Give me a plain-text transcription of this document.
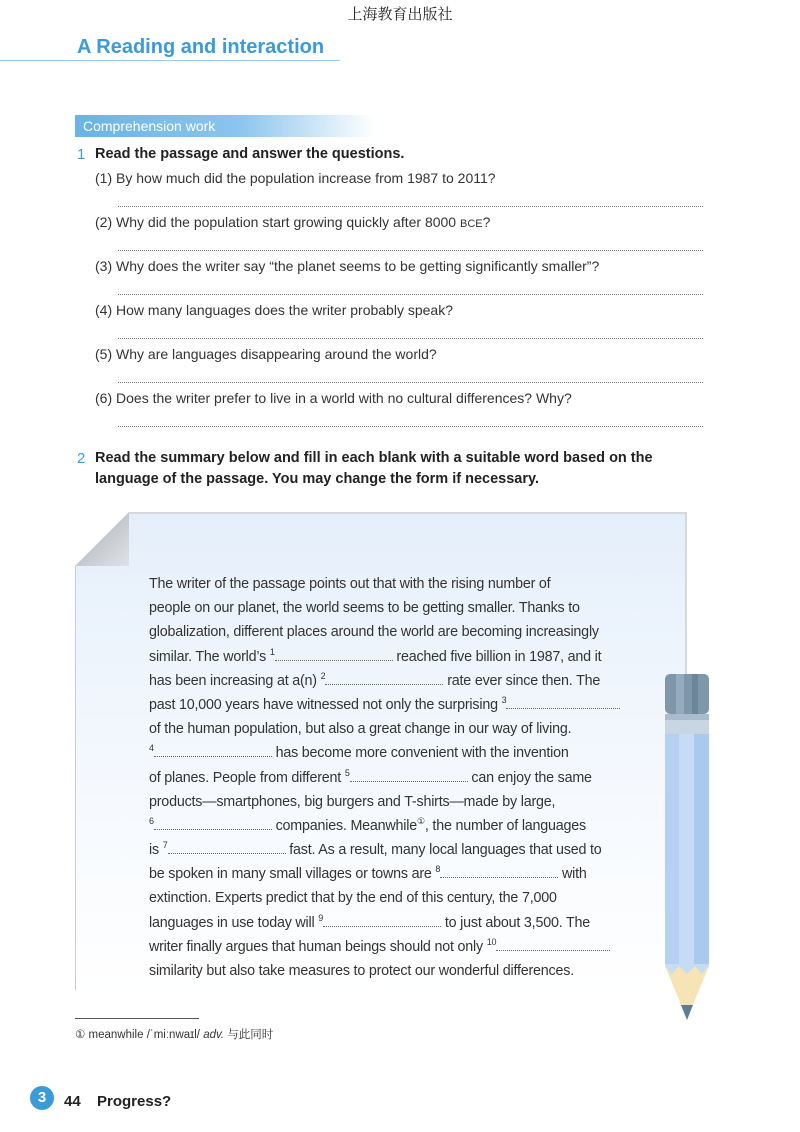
上海教育出版社
A Reading and interaction
Comprehension work
1 Read the passage and answer the questions.
(1) By how much did the population increase from 1987 to 2011?
(2) Why did the population start growing quickly after 8000 BCE?
(3) Why does the writer say “the planet seems to be getting significantly smaller”?
(4) How many languages does the writer probably speak?
(5) Why are languages disappearing around the world?
(6) Does the writer prefer to live in a world with no cultural differences? Why?
2 Read the summary below and fill in each blank with a suitable word based on the
language of the passage. You may change the form if necessary.
The writer of the passage points out that with the rising number of
people on our planet, the world seems to be getting smaller. Thanks to
globalization, different places around the world are becoming increasingly
similar. The world’s $^1$	reached five billion in 1987, and it
has been increasing at a(n) $^2$	rate ever since then. The
past 10,000 years have witnessed not only the surprising $^3$
of the human population, but also a great change in our way of living.
$^4$	has become more convenient with the invention
of planes. People from different $^5$	can enjoy the same
products—smartphones, big burgers and T-shirts—made by large,
$^6$	companies. Meanwhile①, the number of languages
is $^7$	fast. As a result, many local languages that used to
be spoken in many small villages or towns are $^8$	with
extinction. Experts predict that by the end of this century, the 7,000
languages in use today will $^9$	to just about 3,500. The
writer finally argues that human beings should not only $^{10}$
similarity but also take measures to protect our wonderful differences.
① meanwhile /ˈmiːnwaɪl/ adv. 与此同时
3	44 Progress?
